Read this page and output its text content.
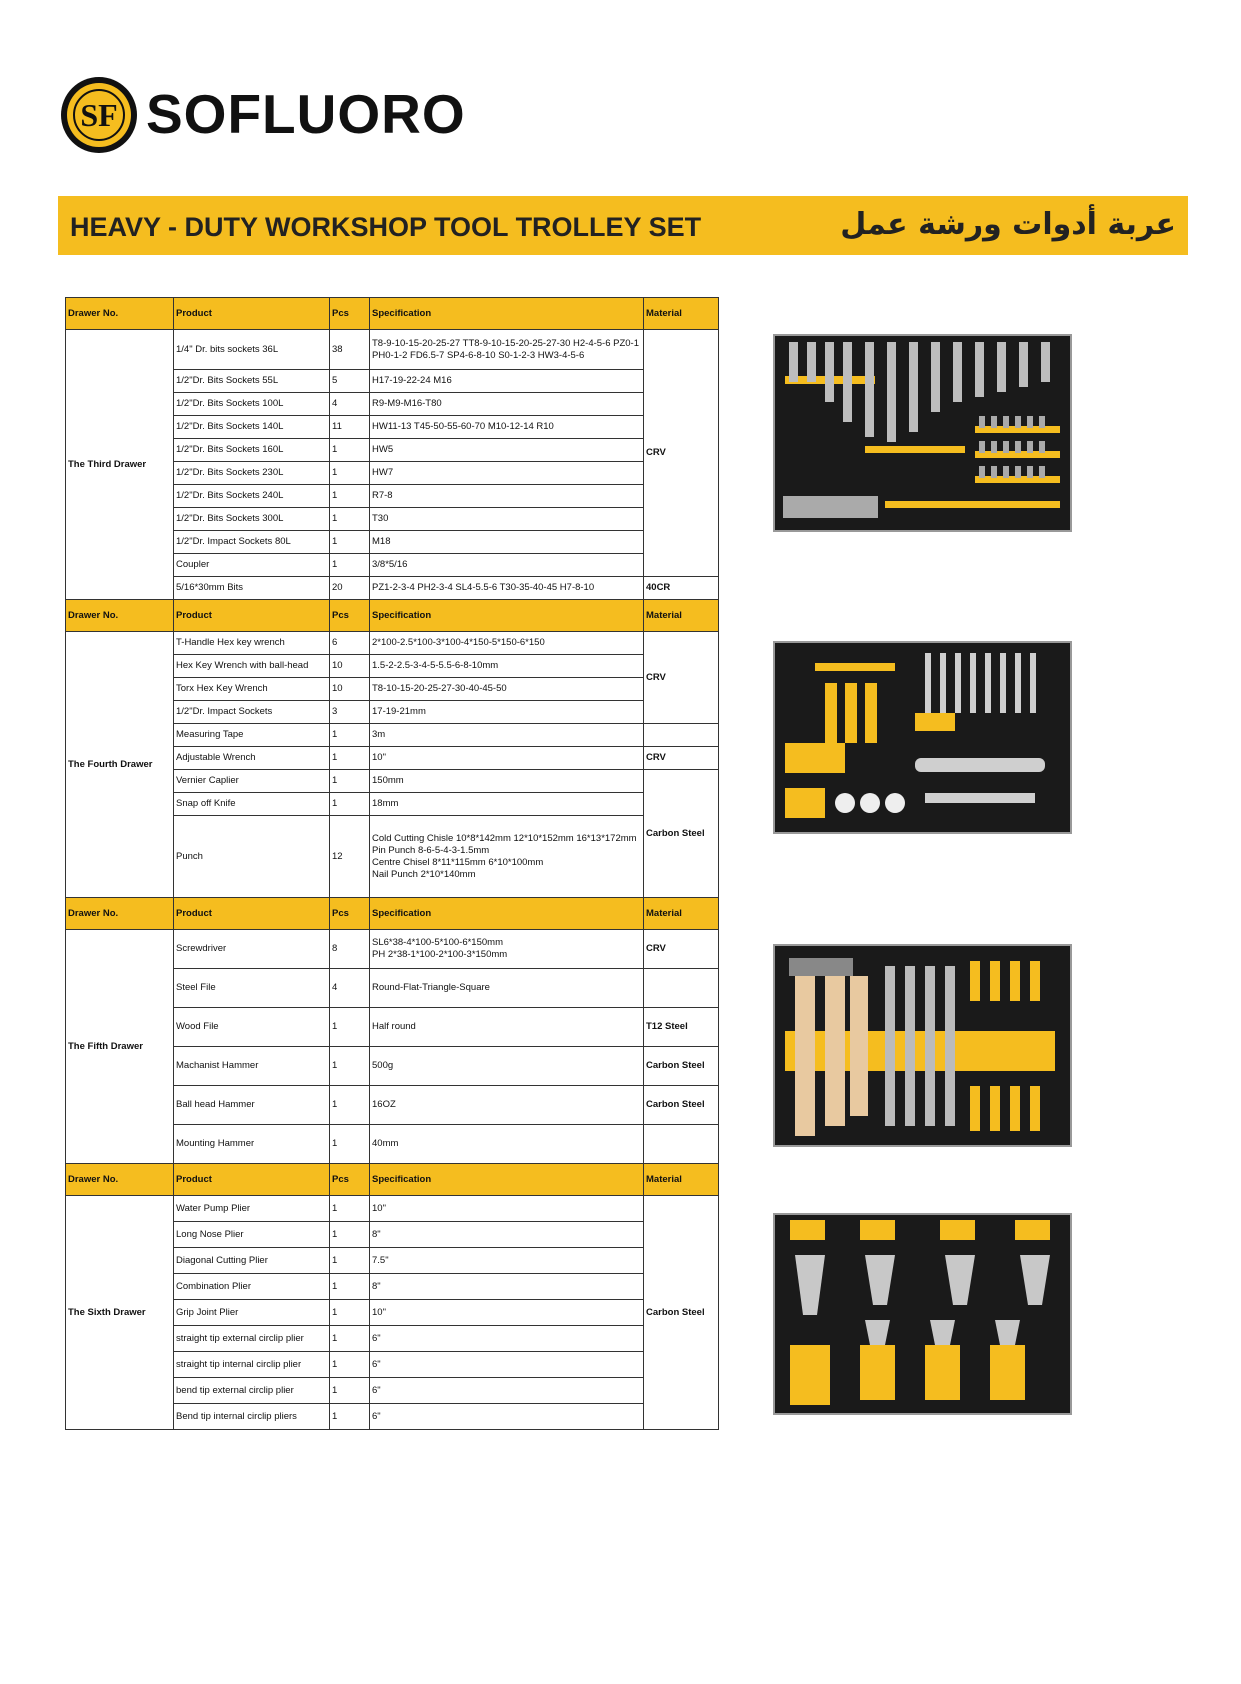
SF SOFLUORO
HEAVY - DUTY WORKSHOP TOOL TROLLEY SET	عربة أدوات ورشة عمل
Drawer No.	Product	Pcs	Specification	Material
The Third Drawer	1/4" Dr. bits sockets 36L	38	T8-9-10-15-20-25-27 TT8-9-10-15-20-25-27-30 H2-4-5-6 PZ0-1 PH0-1-2 FD6.5-7 SP4-6-8-10 S0-1-2-3 HW3-4-5-6	CRV
	1/2"Dr. Bits Sockets 55L	5	H17-19-22-24 M16	
	1/2"Dr. Bits Sockets 100L	4	R9-M9-M16-T80	
	1/2"Dr. Bits Sockets 140L	11	HW11-13 T45-50-55-60-70 M10-12-14 R10	
	1/2"Dr. Bits Sockets 160L	1	HW5	
	1/2"Dr. Bits Sockets 230L	1	HW7	
	1/2"Dr. Bits Sockets 240L	1	R7-8	
	1/2"Dr. Bits Sockets 300L	1	T30	
	1/2"Dr. Impact Sockets 80L	1	M18	
	Coupler	1	3/8*5/16	
	5/16*30mm Bits	20	PZ1-2-3-4 PH2-3-4 SL4-5.5-6 T30-35-40-45 H7-8-10	40CR
Drawer No.	Product	Pcs	Specification	Material
The Fourth Drawer	T-Handle Hex key wrench	6	2*100-2.5*100-3*100-4*150-5*150-6*150	CRV
	Hex Key Wrench with ball-head	10	1.5-2-2.5-3-4-5-5.5-6-8-10mm	
	Torx Hex Key Wrench	10	T8-10-15-20-25-27-30-40-45-50	
	1/2"Dr. Impact Sockets	3	17-19-21mm	
	Measuring Tape	1	3m	
	Adjustable Wrench	1	10"	CRV
	Vernier Caplier	1	150mm	Carbon Steel
	Snap off Knife	1	18mm	
	Punch	12	Cold Cutting Chisle 10*8*142mm 12*10*152mm 16*13*172mm
Pin Punch 8-6-5-4-3-1.5mm
Centre Chisel 8*11*115mm 6*10*100mm
Nail Punch 2*10*140mm	

Drawer No.	Product	Pcs	Specification	Material
The Fifth Drawer	Screwdriver	8	SL6*38-4*100-5*100-6*150mm
PH 2*38-1*100-2*100-3*150mm	CRV
	Steel File	4	Round-Flat-Triangle-Square	
	Wood File	1	Half round	T12 Steel
	Machanist Hammer	1	500g	Carbon Steel
	Ball head Hammer	1	16OZ	Carbon Steel
	Mounting Hammer	1	40mm	
Drawer No.	Product	Pcs	Specification	Material
The Sixth Drawer	Water Pump Plier	1	10"	Carbon Steel
	Long Nose Plier	1	8"	
	Diagonal Cutting Plier	1	7.5"	
	Combination Plier	1	8"	
	Grip Joint Plier	1	10"	
	straight tip external circlip plier	1	6"	
	straight tip internal circlip plier	1	6"	
	bend tip external circlip plier	1	6"	
	Bend tip internal circlip pliers	1	6"	
